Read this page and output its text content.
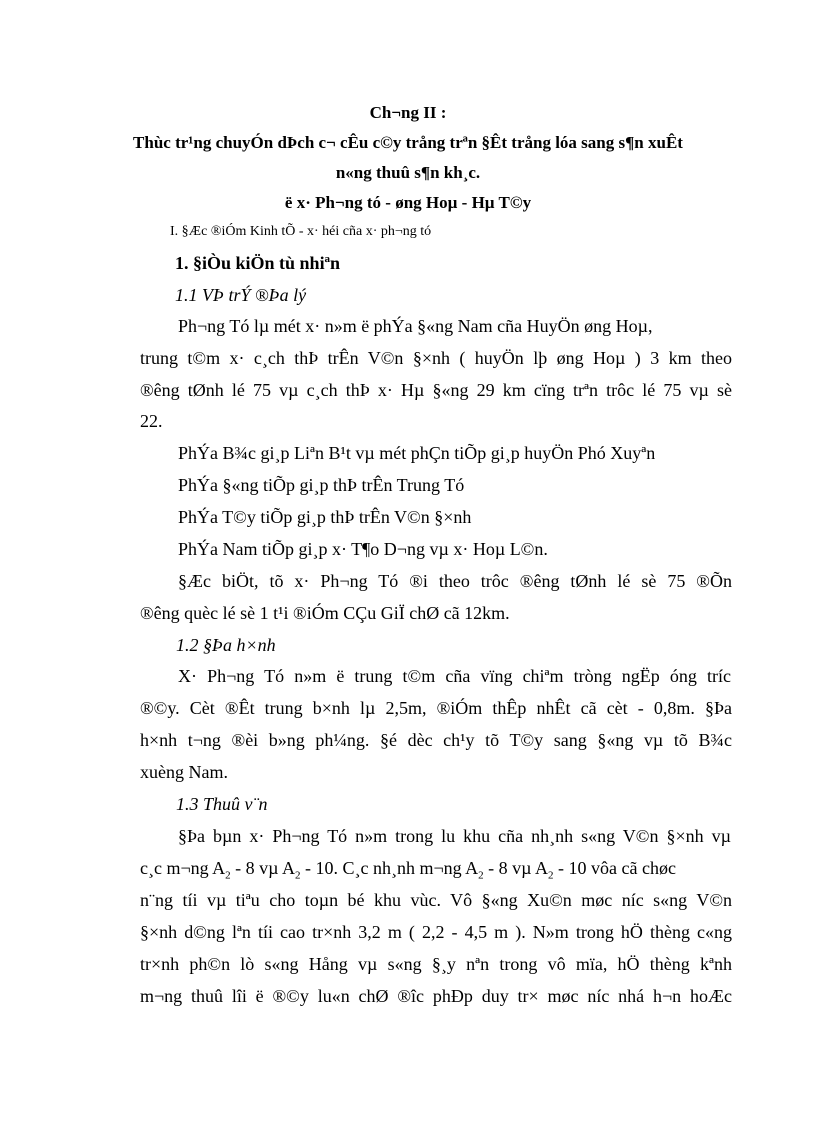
Ch¬ng II :
Thùc tr¹ng chuyÓn dÞch c¬ cÊu c©y trång trªn §Êt trång lóa sang s¶n xuÊt
n«ng thuû s¶n kh¸c.
ë x· Ph¬ng tó - øng Hoµ - Hµ T©y
I. §Æc ®iÓm Kinh tÕ - x· héi cña x· ph¬ng tó
1. §iÒu kiÖn tù nhiªn
1.1 VÞ trÝ ®Þa lý
Ph¬ng Tó lµ mét x· n»m ë phÝa §«ng Nam cña HuyÖn øng Hoµ,
trung t©m x· c¸ch thÞ trÊn V©n §×nh ( huyÖn lþ øng Hoµ ) 3 km theo
®êng tØnh lé 75 vµ c¸ch thÞ x· Hµ §«ng 29 km cïng trªn trôc lé 75 vµ sè
22.
PhÝa B¾c gi¸p Liªn B¹t vµ mét phÇn tiÕp gi¸p huyÖn Phó Xuyªn
PhÝa §«ng tiÕp gi¸p thÞ trÊn Trung Tó
PhÝa T©y tiÕp gi¸p thÞ trÊn V©n §×nh
PhÝa Nam tiÕp gi¸p x· T¶o D¬ng vµ x· Hoµ L©n.
§Æc biÖt, tõ x· Ph¬ng Tó ®i theo trôc ®êng tØnh lé sè 75 ®Õn
®êng quèc lé sè 1 t¹i ®iÓm CÇu GiÏ chØ cã 12km.
1.2 §Þa h×nh
X· Ph¬ng Tó n»m ë trung t©m cña vïng chiªm tròng ngËp óng tríc
®©y. Cèt ®Êt trung b×nh lµ 2,5m, ®iÓm thÊp nhÊt cã cèt - 0,8m. §Þa
h×nh t¬ng ®èi b»ng ph¼ng. §é dèc ch¹y tõ T©y sang §«ng vµ tõ B¾c
xuèng Nam.
1.3 Thuû v¨n
§Þa bµn x· Ph¬ng Tó n»m trong lu khu cña nh¸nh s«ng V©n §×nh vµ
c¸c m¬ng $A_2 - 8$ vµ $A_2 - 10$. C¸c nh¸nh m¬ng $A_2 - 8$ vµ $A_2 - 10$ vôa cã chøc
n¨ng tíi vµ tiªu cho toµn bé khu vùc. Vô §«ng Xu©n møc níc s«ng V©n
§×nh d©ng lªn tíi cao tr×nh 3,2 m ( 2,2 - 4,5 m ). N»m trong hÖ thèng c«ng
tr×nh ph©n lò s«ng Hång vµ s«ng §¸y nªn trong vô mïa, hÖ thèng kªnh
m¬ng thuû lîi ë ®©y lu«n chØ ®îc phÐp duy tr× møc níc nhá h¬n hoÆc
